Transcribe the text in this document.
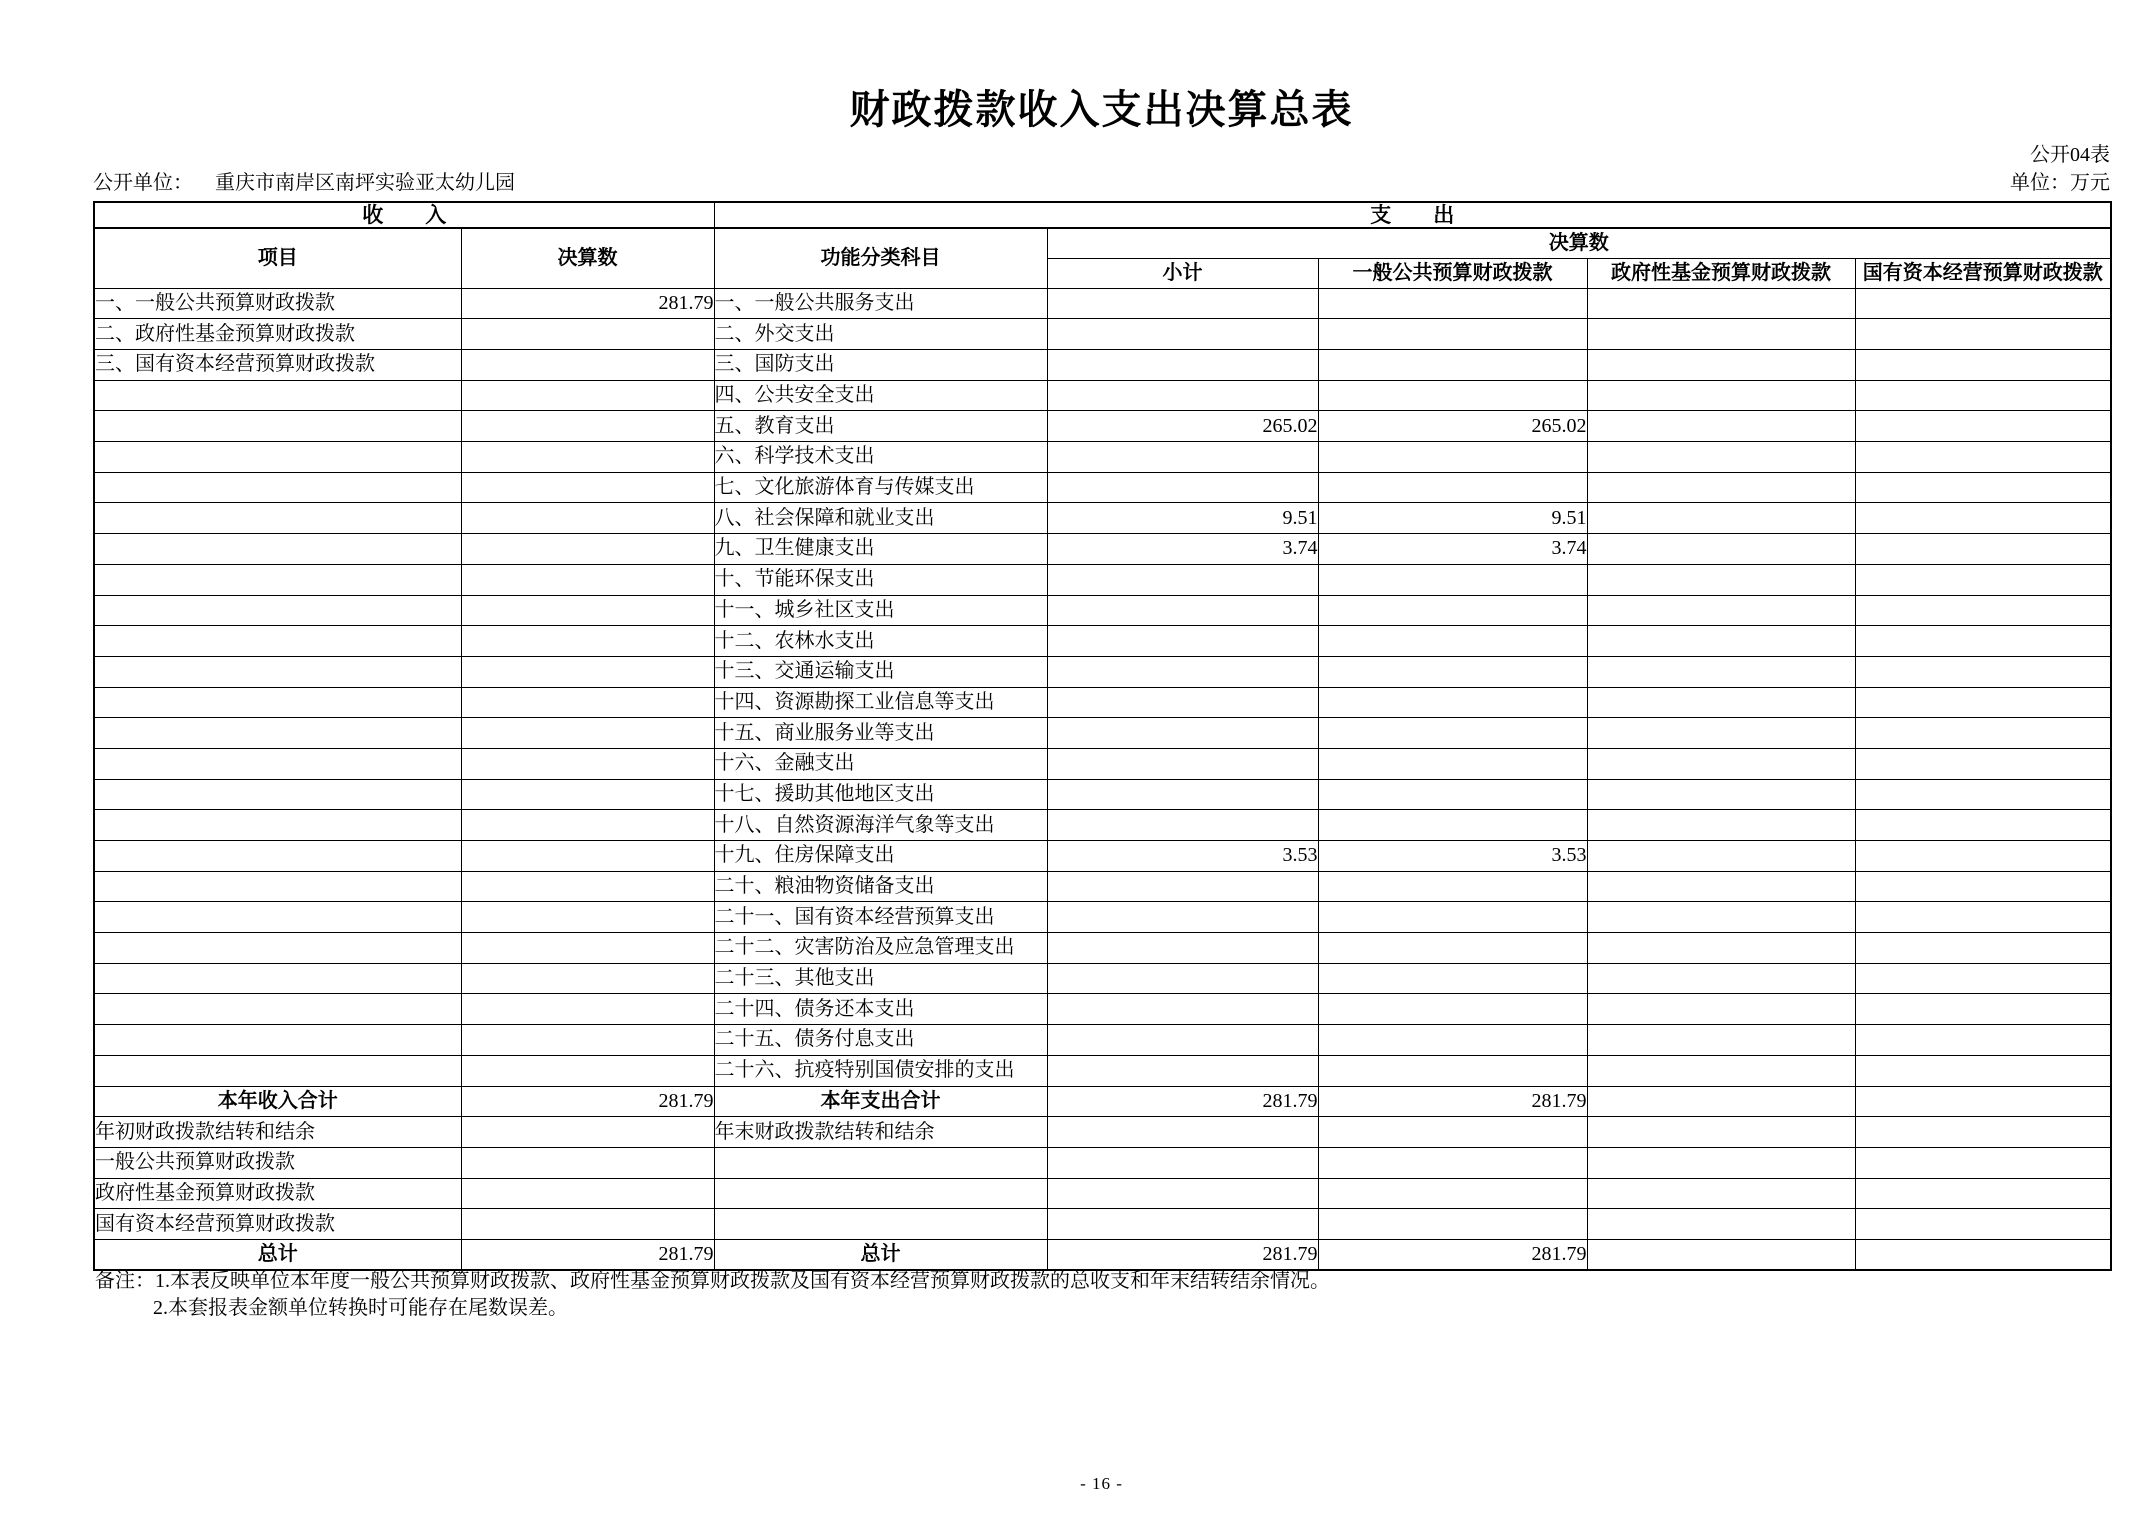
财政拨款收入支出决算总表
公开04表
公开单位： 重庆市南岸区南坪实验亚太幼儿园	单位：万元
收　　入		支　　出				
项目	决算数	功能分类科目	决算数			
			小计	一般公共预算财政拨款	政府性基金预算财政拨款	国有资本经营预算财政拨款
一、一般公共预算财政拨款	281.79	一、一般公共服务支出				
二、政府性基金预算财政拨款		二、外交支出				
三、国有资本经营预算财政拨款		三、国防支出				
		四、公共安全支出				
		五、教育支出	265.02	265.02		
		六、科学技术支出				
		七、文化旅游体育与传媒支出				
		八、社会保障和就业支出	9.51	9.51		
		九、卫生健康支出	3.74	3.74		
		十、节能环保支出				
		十一、城乡社区支出				
		十二、农林水支出				
		十三、交通运输支出				
		十四、资源勘探工业信息等支出				
		十五、商业服务业等支出				
		十六、金融支出				
		十七、援助其他地区支出				
		十八、自然资源海洋气象等支出				
		十九、住房保障支出	3.53	3.53		
		二十、粮油物资储备支出				
		二十一、国有资本经营预算支出				
		二十二、灾害防治及应急管理支出				
		二十三、其他支出				
		二十四、债务还本支出				
		二十五、债务付息支出				
		二十六、抗疫特别国债安排的支出				
本年收入合计	281.79	本年支出合计	281.79	281.79		
年初财政拨款结转和结余		年末财政拨款结转和结余				
一般公共预算财政拨款						
政府性基金预算财政拨款						
国有资本经营预算财政拨款						
总计	281.79	总计	281.79	281.79		
备注：1.本表反映单位本年度一般公共预算财政拨款、政府性基金预算财政拨款及国有资本经营预算财政拨款的总收支和年末结转结余情况。
2.本套报表金额单位转换时可能存在尾数误差。
- 16 -
